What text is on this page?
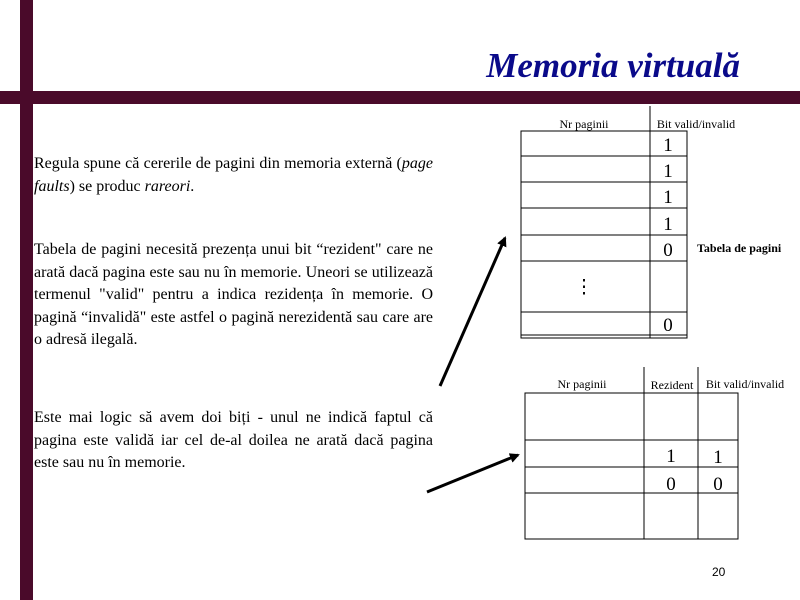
Memoria virtuală
Regula spune că cererile de pagini din memoria externă (page faults) se produc rareori.
Tabela de pagini necesită prezența unui bit “rezident" care ne arată dacă pagina este sau nu în memorie. Uneori se utilizează termenul "valid" pentru a indica rezidența în memorie. O pagină “invalidă" este astfel o pagină nerezidentă sau care are o adresă ilegală.
Este mai logic să avem doi biți - unul ne indică faptul că pagina este validă iar cel de-al doilea ne arată dacă pagina este sau nu în memorie.
Nr paginii	Bit valid/invalid
1
1
1
1
0
0
⋮
Tabela de pagini
Nr paginii	Rezident Bit valid/invalid
1 1
0 0
20
